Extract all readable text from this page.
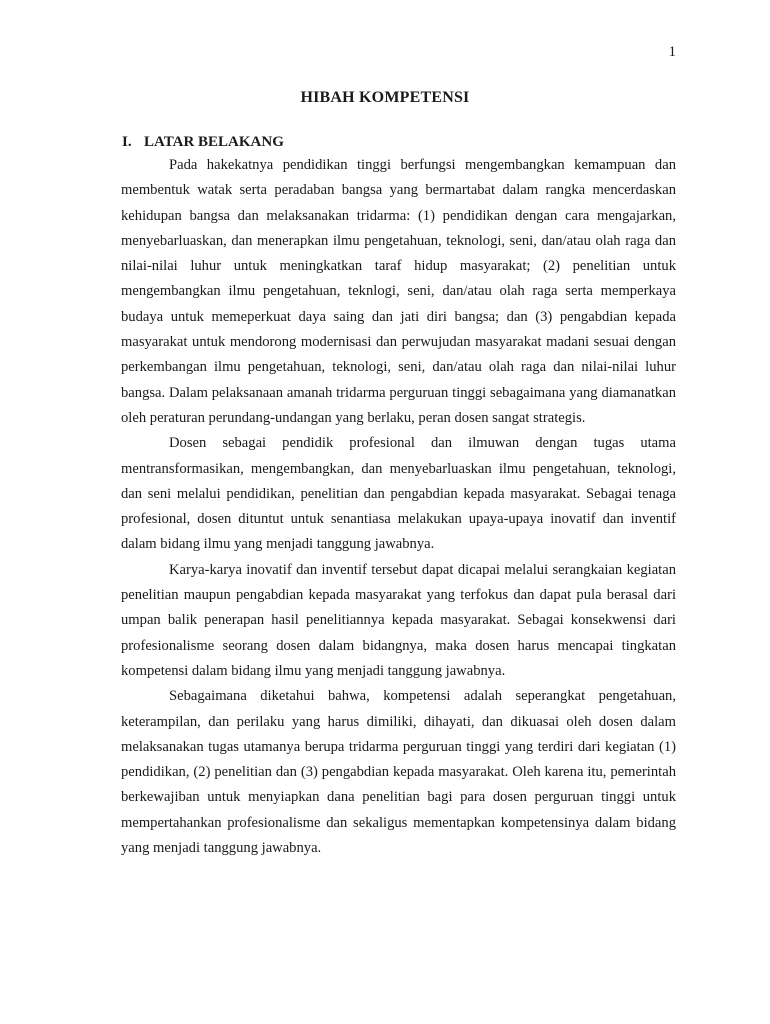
1
HIBAH KOMPETENSI
I. LATAR BELAKANG

Pada hakekatnya pendidikan tinggi berfungsi mengembangkan kemampuan dan membentuk watak serta peradaban bangsa yang bermartabat dalam rangka mencerdaskan kehidupan bangsa dan melaksanakan tridarma: (1) pendidikan dengan cara mengajarkan, menyebarluaskan, dan menerapkan ilmu pengetahuan, teknologi, seni, dan/atau olah raga dan nilai-nilai luhur untuk meningkatkan taraf hidup masyarakat; (2) penelitian untuk mengembangkan ilmu pengetahuan, teknlogi, seni, dan/atau olah raga serta memperkaya budaya untuk memeperkuat daya saing dan jati diri bangsa; dan (3) pengabdian kepada masyarakat untuk mendorong modernisasi dan perwujudan masyarakat madani sesuai dengan perkembangan ilmu pengetahuan, teknologi, seni, dan/atau olah raga dan nilai-nilai luhur bangsa. Dalam pelaksanaan amanah tridarma perguruan tinggi sebagaimana yang diamanatkan oleh peraturan perundang-undangan yang berlaku, peran dosen sangat strategis.

Dosen sebagai pendidik profesional dan ilmuwan dengan tugas utama mentransformasikan, mengembangkan, dan menyebarluaskan ilmu pengetahuan, teknologi, dan seni melalui pendidikan, penelitian dan pengabdian kepada masyarakat. Sebagai tenaga profesional, dosen dituntut untuk senantiasa melakukan upaya-upaya inovatif dan inventif dalam bidang ilmu yang menjadi tanggung jawabnya.

Karya-karya inovatif dan inventif tersebut dapat dicapai melalui serangkaian kegiatan penelitian maupun pengabdian kepada masyarakat yang terfokus dan dapat pula berasal dari umpan balik penerapan hasil penelitiannya kepada masyarakat. Sebagai konsekwensi dari profesionalisme seorang dosen dalam bidangnya, maka dosen harus mencapai tingkatan kompetensi dalam bidang ilmu yang menjadi tanggung jawabnya.

Sebagaimana diketahui bahwa, kompetensi adalah seperangkat pengetahuan, keterampilan, dan perilaku yang harus dimiliki, dihayati, dan dikuasai oleh dosen dalam melaksanakan tugas utamanya berupa tridarma perguruan tinggi yang terdiri dari kegiatan (1) pendidikan, (2) penelitian dan (3) pengabdian kepada masyarakat. Oleh karena itu, pemerintah berkewajiban untuk menyiapkan dana penelitian bagi para dosen perguruan tinggi untuk mempertahankan profesionalisme dan sekaligus mementapkan kompetensinya dalam bidang yang menjadi tanggung jawabnya.
